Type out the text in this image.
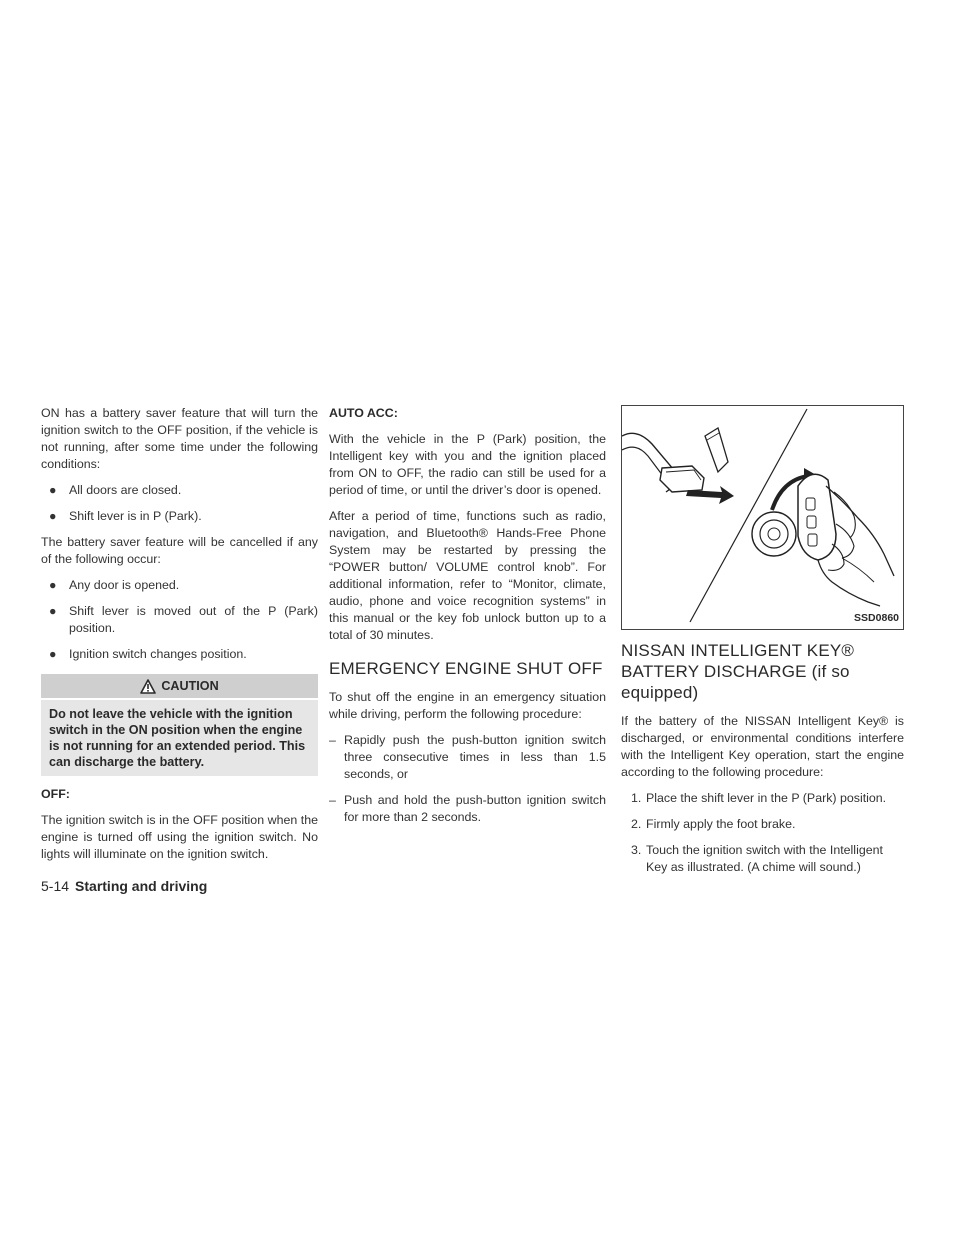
ON has a battery saver feature that will turn the ignition switch to the OFF position, if the vehicle is not running, after some time under the following conditions:

●	All doors are closed.
●	Shift lever is in P (Park).

The battery saver feature will be cancelled if any of the following occur:

●	Any door is opened.
●	Shift lever is moved out of the P (Park) position.
●	Ignition switch changes position.
CAUTION
Do not leave the vehicle with the ignition switch in the ON position when the engine is not running for an extended period. This can discharge the battery.
OFF:

The ignition switch is in the OFF position when the engine is turned off using the ignition switch. No lights will illuminate on the ignition switch.

AUTO ACC:

With the vehicle in the P (Park) position, the Intelligent key with you and the ignition placed from ON to OFF, the radio can still be used for a period of time, or until the driver’s door is opened.

After a period of time, functions such as radio, navigation, and Bluetooth® Hands-Free Phone System may be restarted by pressing the “POWER button/ VOLUME control knob”. For additional information, refer to “Monitor, climate, audio, phone and voice recognition systems” in this manual or the key fob unlock button up to a total of 30 minutes.

EMERGENCY ENGINE SHUT OFF

To shut off the engine in an emergency situation while driving, perform the following procedure:

– Rapidly push the push-button ignition switch three consecutive times in less than 1.5 seconds, or
– Push and hold the push-button ignition switch for more than 2 seconds.
SSD0860
NISSAN INTELLIGENT KEY® BATTERY DISCHARGE (if so equipped)

If the battery of the NISSAN Intelligent Key® is discharged, or environmental conditions interfere with the Intelligent Key operation, start the engine according to the following procedure:

1. Place the shift lever in the P (Park) position.
2. Firmly apply the foot brake.
3. Touch the ignition switch with the Intelligent Key as illustrated. (A chime will sound.)
5-14 Starting and driving
